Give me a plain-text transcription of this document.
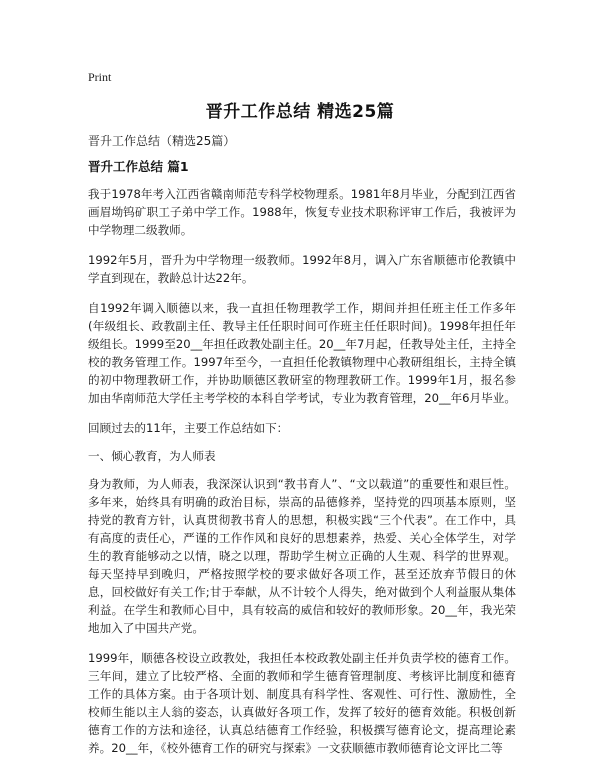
Print
晋升工作总结 精选25篇
晋升工作总结（精选25篇）
晋升工作总结 篇1

我于1978年考入江西省赣南师范专科学校物理系。1981年8月毕业，分配到江西省画眉坳钨矿职工子弟中学工作。1988年，恢复专业技术职称评审工作后，我被评为中学物理二级教师。

1992年5月，晋升为中学物理一级教师。1992年8月，调入广东省顺德市伦教镇中学直到现在，教龄总计达22年。

自1992年调入顺德以来，我一直担任物理教学工作，期间并担任班主任工作多年(年级组长、政教副主任、教导主任任职时间可作班主任任职时间)。1998年担任年级组长。1999至20__年担任政教处副主任。20__年7月起，任教导处主任，主持全校的教务管理工作。1997年至今，一直担任伦教镇物理中心教研组组长，主持全镇的初中物理教研工作，并协助顺德区教研室的物理教研工作。1999年1月，报名参加由华南师范大学任主考学校的本科自学考试，专业为教育管理，20__年6月毕业。

回顾过去的11年，主要工作总结如下：

一、倾心教育，为人师表

身为教师，为人师表，我深深认识到“教书育人”、“文以载道”的重要性和艰巨性。多年来，始终具有明确的政治目标，崇高的品德修养，坚持党的四项基本原则，坚持党的教育方针，认真贯彻教书育人的思想，积极实践“三个代表”。在工作中，具有高度的责任心，严谨的工作作风和良好的思想素养，热爱、关心全体学生，对学生的教育能够动之以情，晓之以理，帮助学生树立正确的人生观、科学的世界观。每天坚持早到晚归，严格按照学校的要求做好各项工作，甚至还放弃节假日的休息，回校做好有关工作;甘于奉献，从不计较个人得失，绝对做到个人利益服从集体利益。在学生和教师心目中，具有较高的威信和较好的教师形象。20__年，我光荣地加入了中国共产党。

1999年，顺德各校设立政教处，我担任本校政教处副主任并负责学校的德育工作。三年间，建立了比较严格、全面的教师和学生德育管理制度、考核评比制度和德育工作的具体方案。由于各项计划、制度具有科学性、客观性、可行性、激励性，全校师生能以主人翁的姿态，认真做好各项工作，发挥了较好的德育效能。积极创新德育工作的方法和途径，认真总结德育工作经验，积极撰写德育论文，提高理论素养。20__年，《校外德育工作的研究与探索》一文获顺德市教师德育论文评比二等
